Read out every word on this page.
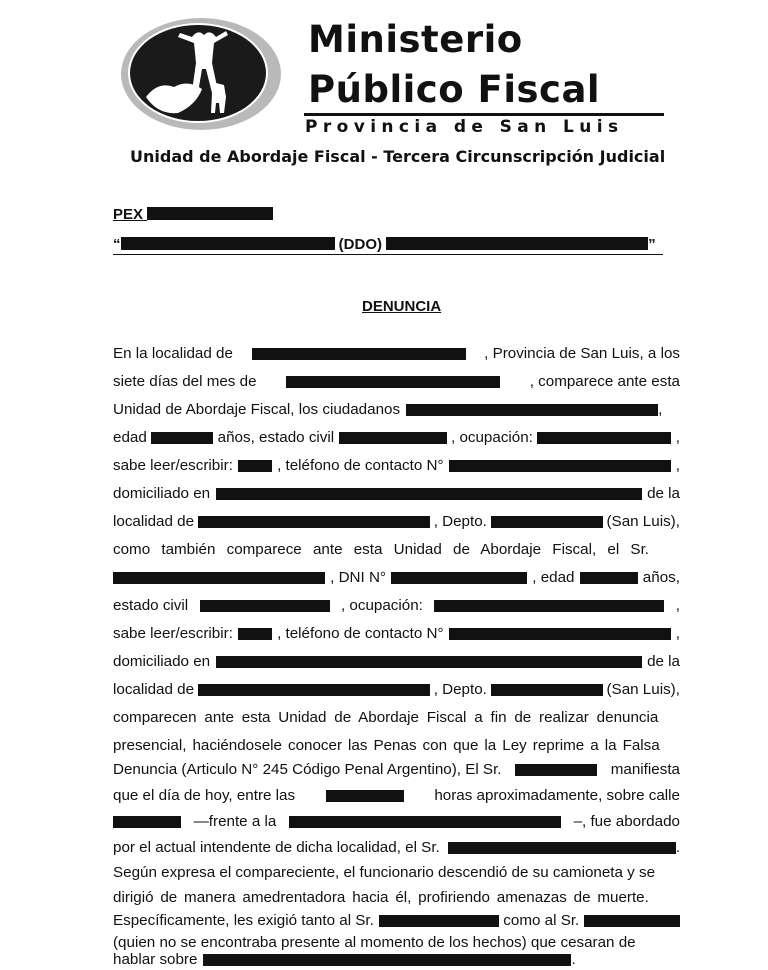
Ministerio
Público Fiscal
Provincia de San Luis
Unidad de Abordaje Fiscal - Tercera Circunscripción Judicial
PEX
“	(DDO)	”
DENUNCIA
En la localidad de	, Provincia de San Luis, a los
siete días del mes de	, comparece ante esta
Unidad de Abordaje Fiscal, los ciudadanos	,
edad	años, estado civil	, ocupación:	,
sabe leer/escribir:	, teléfono de contacto N°	,
domiciliado en	de la
localidad de	, Depto.	(San Luis),
como también comparece ante esta Unidad de Abordaje Fiscal, el Sr.
, DNI N°	, edad	años,
estado civil	, ocupación:	,
sabe leer/escribir:	, teléfono de contacto N°	,
domiciliado en	de la
localidad de	, Depto.	(San Luis),
comparecen ante esta Unidad de Abordaje Fiscal a fin de realizar denuncia
presencial, haciéndosele conocer las Penas con que la Ley reprime a la Falsa
Denuncia (Articulo N° 245 Código Penal Argentino), El Sr.	manifiesta
que el día de hoy, entre las	horas aproximadamente, sobre calle
—frente a la	–, fue abordado
por el actual intendente de dicha localidad, el Sr.	.
Según expresa el compareciente, el funcionario descendió de su camioneta y se
dirigió de manera amedrentadora hacia él, profiriendo amenazas de muerte.
Específicamente, les exigió tanto al Sr.	como al Sr.
(quien no se encontraba presente al momento de los hechos) que cesaran de
hablar sobre	.
